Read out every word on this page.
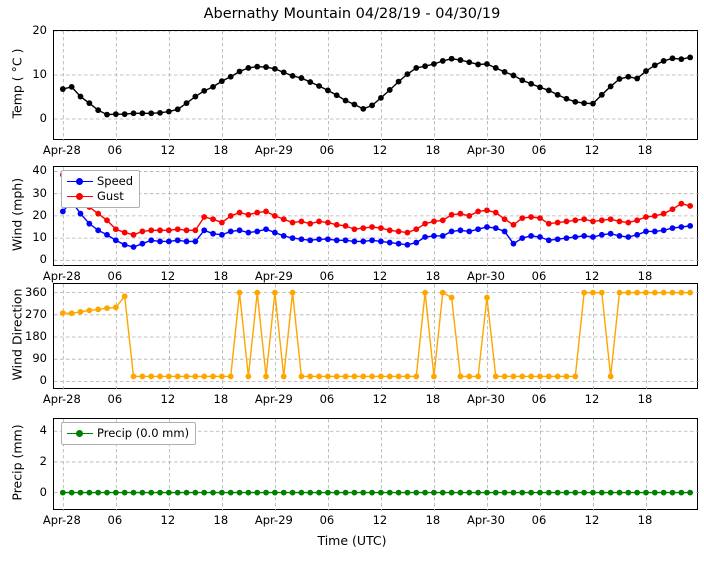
Abernathy Mountain 04/28/19 - 04/30/19
Temp ( °C )
Wind (mph)	Speed
Gust
Wind Direction
Precip (mm)	Precip (0.0 mm)
Time (UTC)
0
10
20
Apr-28	06	12	18	Apr-29	06	12	18	Apr-30	06	12	18
0
10
20
30
40
Apr-28	06	12	18	Apr-29	06	12	18	Apr-30	06	12	18
0
90
180
270
360
Apr-28	06	12	18	Apr-29	06	12	18	Apr-30	06	12	18
0
2
4
Apr-28	06	12	18	Apr-29	06	12	18	Apr-30	06	12	18
